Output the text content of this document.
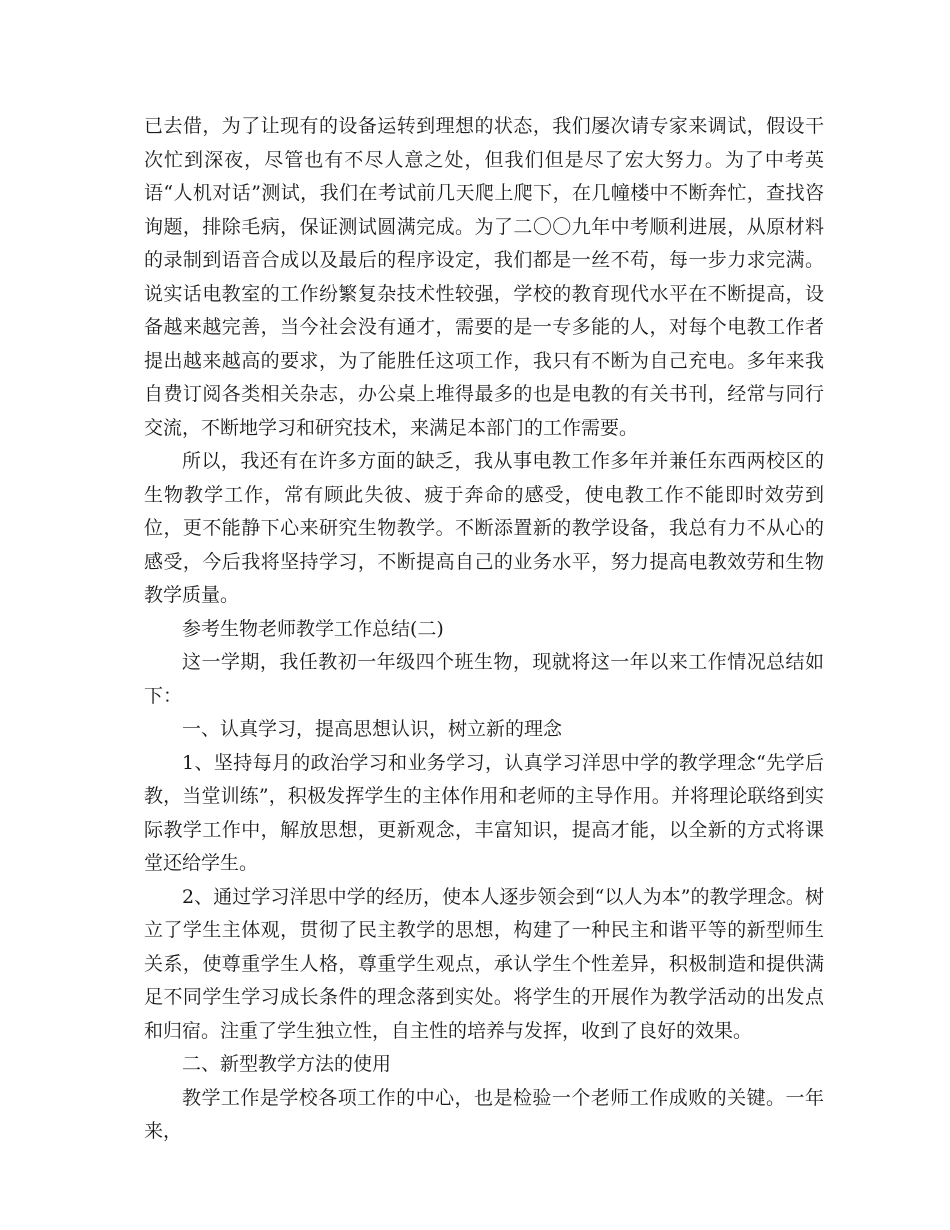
已去借，为了让现有的设备运转到理想的状态，我们屡次请专家来调试，假设干次忙到深夜，尽管也有不尽人意之处，但我们但是尽了宏大努力。为了中考英语“人机对话”测试，我们在考试前几天爬上爬下，在几幢楼中不断奔忙，查找咨询题，排除毛病，保证测试圆满完成。为了二〇〇九年中考顺利进展，从原材料的录制到语音合成以及最后的程序设定，我们都是一丝不苟，每一步力求完满。说实话电教室的工作纷繁复杂技术性较强，学校的教育现代水平在不断提高，设备越来越完善，当今社会没有通才，需要的是一专多能的人，对每个电教工作者提出越来越高的要求，为了能胜任这项工作，我只有不断为自己充电。多年来我自费订阅各类相关杂志，办公桌上堆得最多的也是电教的有关书刊，经常与同行交流，不断地学习和研究技术，来满足本部门的工作需要。

所以，我还有在许多方面的缺乏，我从事电教工作多年并兼任东西两校区的生物教学工作，常有顾此失彼、疲于奔命的感受，使电教工作不能即时效劳到位，更不能静下心来研究生物教学。不断添置新的教学设备，我总有力不从心的感受，今后我将坚持学习，不断提高自己的业务水平，努力提高电教效劳和生物教学质量。

参考生物老师教学工作总结(二)

这一学期，我任教初一年级四个班生物，现就将这一年以来工作情况总结如下：

一、认真学习，提高思想认识，树立新的理念

1、坚持每月的政治学习和业务学习，认真学习洋思中学的教学理念“先学后教，当堂训练”，积极发挥学生的主体作用和老师的主导作用。并将理论联络到实际教学工作中，解放思想，更新观念，丰富知识，提高才能，以全新的方式将课堂还给学生。

2、通过学习洋思中学的经历，使本人逐步领会到“以人为本”的教学理念。树立了学生主体观，贯彻了民主教学的思想，构建了一种民主和谐平等的新型师生关系，使尊重学生人格，尊重学生观点，承认学生个性差异，积极制造和提供满足不同学生学习成长条件的理念落到实处。将学生的开展作为教学活动的出发点和归宿。注重了学生独立性，自主性的培养与发挥，收到了良好的效果。

二、新型教学方法的使用

教学工作是学校各项工作的中心，也是检验一个老师工作成败的关键。一年来，
